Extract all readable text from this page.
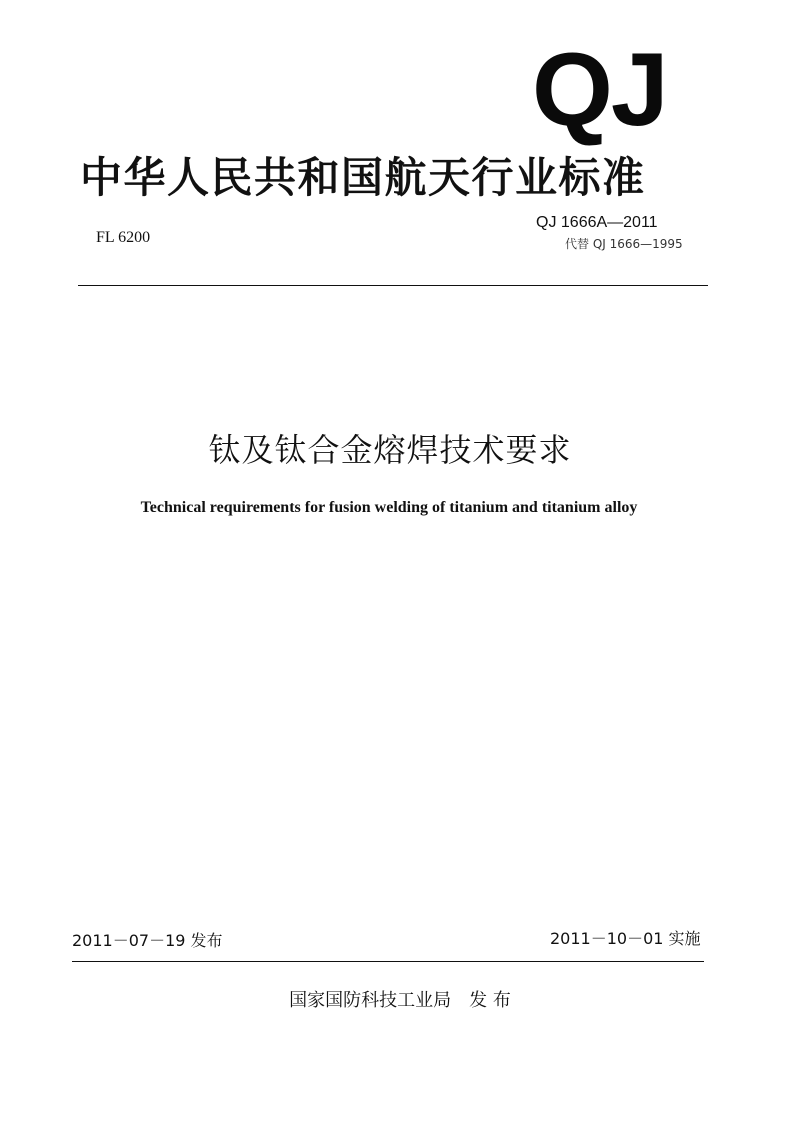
QJ
中华人民共和国航天行业标准
FL 6200
QJ 1666A—2011
代替 QJ 1666—1995
钛及钛合金熔焊技术要求
Technical requirements for fusion welding of titanium and titanium alloy
2011－07－19 发布	2011－10－01 实施
国家国防科技工业局 发 布
